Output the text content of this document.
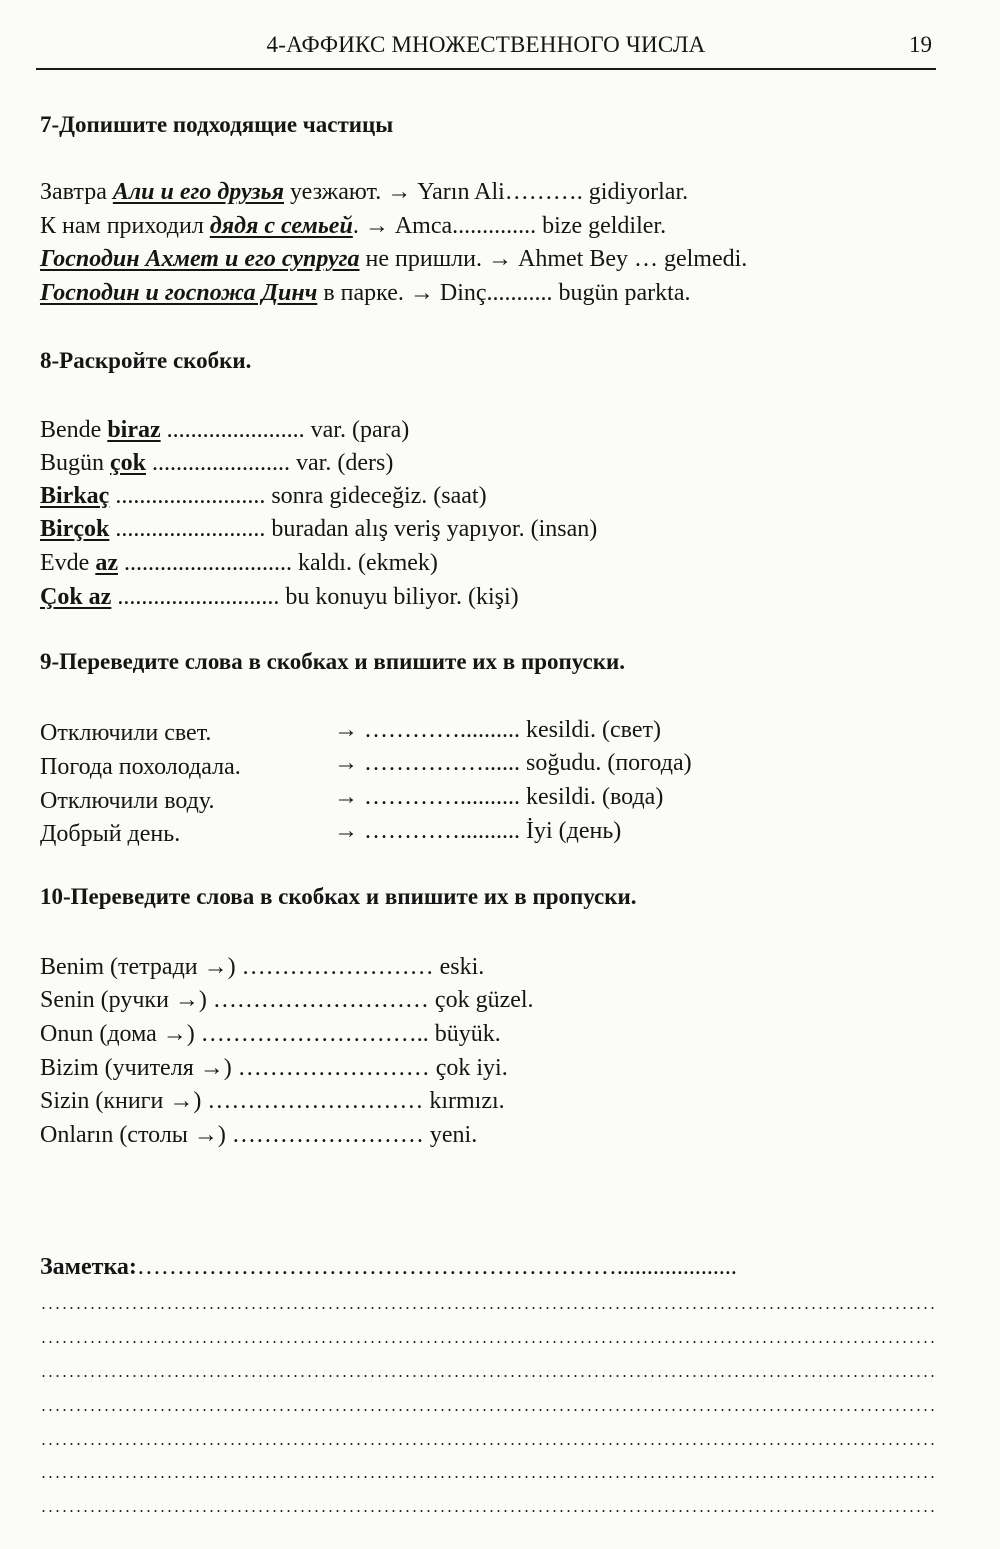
4-АФФИКС МНОЖЕСТВЕННОГО ЧИСЛА	19
7-Допишите подходящие частицы
Завтра Али и его друзья уезжают. → Yarın Ali………. gidiyorlar.
К нам приходил дядя с семьей. → Amca.............. bize geldiler.
Господин Ахмет и его супруга не пришли. → Ahmet Bey … gelmedi.
Господин и госпожа Динч в парке. → Dinç........... bugün parktа.
8-Раскройте скобки.
Bende biraz ....................... var. (para)
Bugün çok ....................... var. (ders)
Birkaç ......................... sonra gideceğiz. (saat)
Birçok ......................... buradan alış veriş yapıyor. (insan)
Evde az ............................ kaldı. (ekmek)
Çok az ........................... bu konuyu biliyor. (kişi)
9-Переведите слова в скобках и впишите их в пропуски.
Отключили свет.	→ ………….......... kesildi. (свет)
Погода похолодала.	→ ……………...... soğudu. (погода)
Отключили воду.	→ ………….......... kesildi. (вода)
Добрый день.	→ ………….......... İyi (день)
10-Переведите слова в скобках и впишите их в пропуски.
Benim (тетради →) …………………… eski.
Senin (ручки →) ……………………… çok güzel.
Onun (дома →) ……………………….. büyük.
Bizim (учителя →) …………………… çok iyi.
Sizin (книги →) ……………………… kırmızı.
Onların (столы →) …………………… yeni.
Заметка:……………………………………………………....................
